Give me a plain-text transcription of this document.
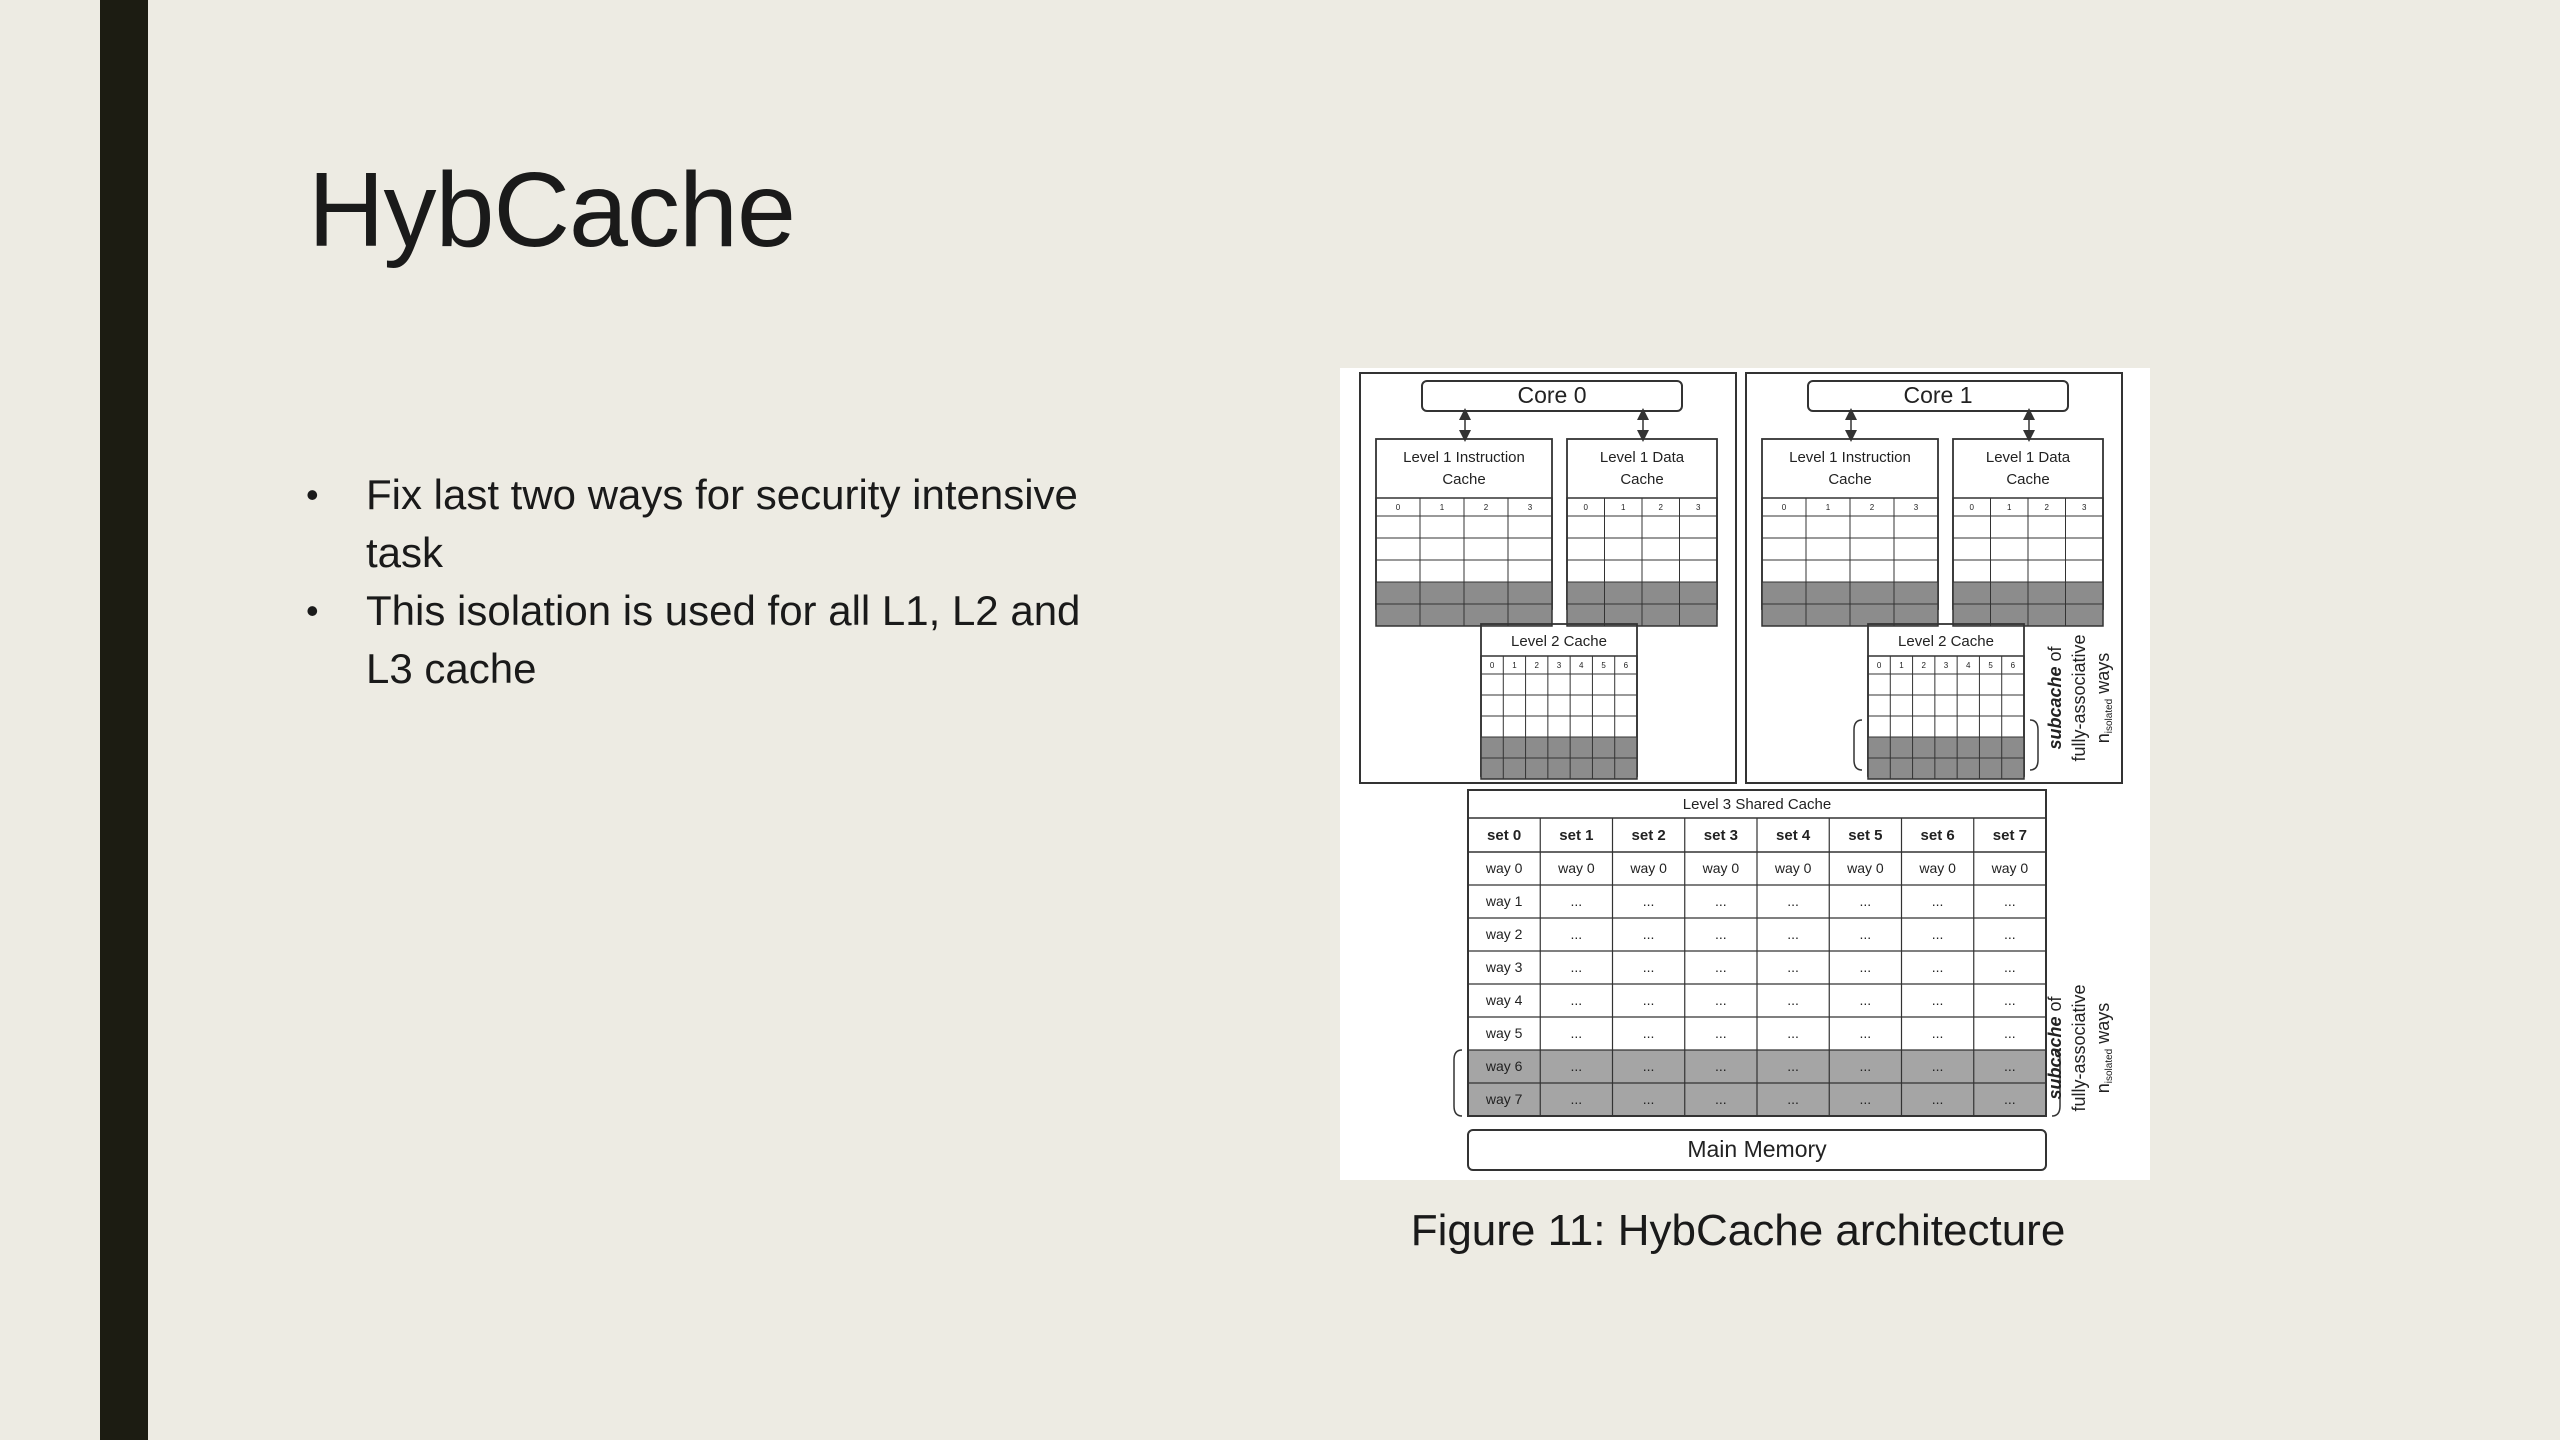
HybCache
• Fix last two ways for security intensive task
• This isolation is used for all L1, L2 and L3 cache
Core 0
Level 1 Instruction
Cache
0	1	2	3
Level 1 Data
Cache
0	1	2	3
Core 1
Level 1 Instruction
Cache
0	1	2	3
Level 1 Data
Cache
0	1	2	3
Level 2 Cache
0 1 2 3 4 5 6
Level 2 Cache
0 1 2 3 4 5 6
subcache of fully-associative $n_{isolated}$ ways
Level 3 Shared Cache
set 0	set 1	set 2	set 3	set 4	set 5	set 6	set 7
way 0	way 0	way 0	way 0	way 0	way 0	way 0	way 0
way 1	...	...	...	...	...	...	...
way 2	...	...	...	...	...	...	...
way 3	...	...	...	...	...	...	...
way 4	...	...	...	...	...	...	...
way 5	...	...	...	...	...	...	...
way 6	...	...	...	...	...	...	...
way 7	...	...	...	...	...	...	... subcache of fully-associative $n_{isolated}$ ways
Main Memory
Figure 11: HybCache architecture
